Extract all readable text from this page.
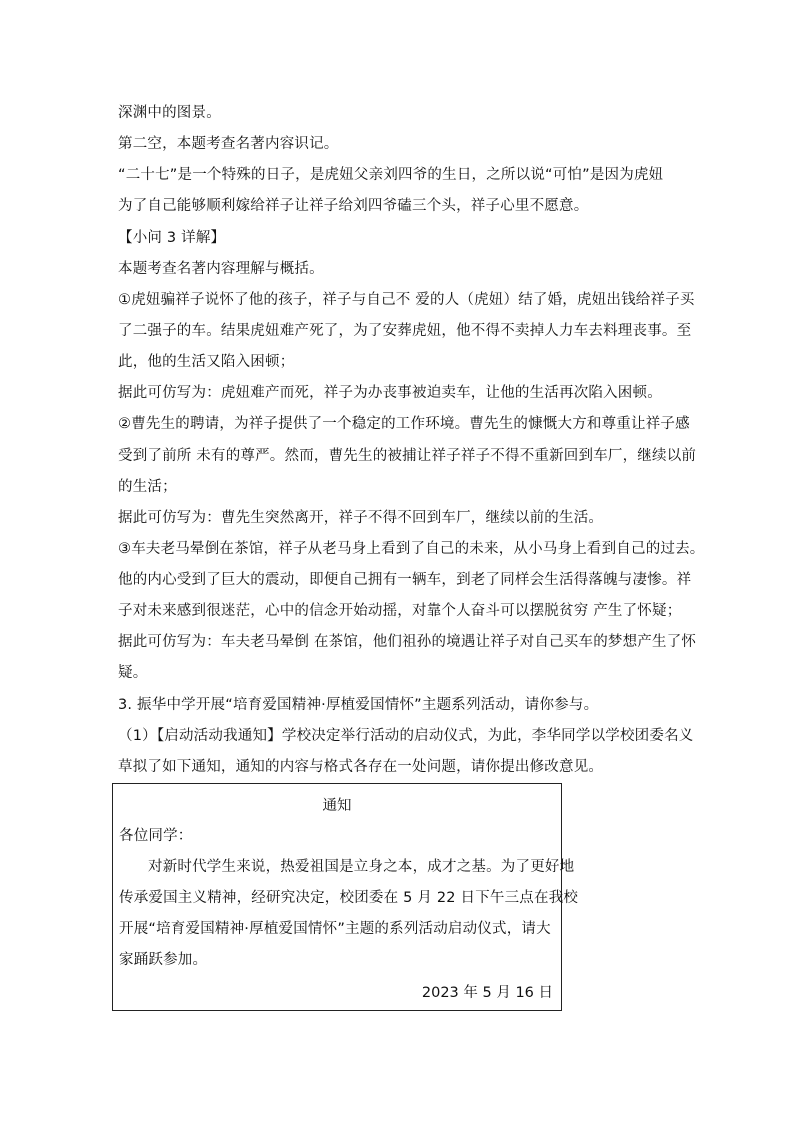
深渊中的图景。
第二空，本题考查名著内容识记。
“二十七”是一个特殊的日子，是虎妞父亲刘四爷的生日，之所以说“可怕”是因为虎妞
为了自己能够顺利嫁给祥子让祥子给刘四爷磕三个头，祥子心里不愿意。
【小问 3 详解】
本题考查名著内容理解与概括。
①虎妞骗祥子说怀了他的孩子，祥子与自己不 爱的人（虎妞）结了婚，虎妞出钱给祥子买
了二强子的车。结果虎妞难产死了，为了安葬虎妞，他不得不卖掉人力车去料理丧事。至
此，他的生活又陷入困顿；
据此可仿写为：虎妞难产而死，祥子为办丧事被迫卖车，让他的生活再次陷入困顿。
②曹先生的聘请，为祥子提供了一个稳定的工作环境。曹先生的慷慨大方和尊重让祥子感
受到了前所 未有的尊严。然而，曹先生的被捕让祥子祥子不得不重新回到车厂，继续以前
的生活；
据此可仿写为：曹先生突然离开，祥子不得不回到车厂，继续以前的生活。
③车夫老马晕倒在茶馆，祥子从老马身上看到了自己的未来，从小马身上看到自己的过去。
他的内心受到了巨大的震动，即便自己拥有一辆车，到老了同样会生活得落魄与凄惨。祥
子对未来感到很迷茫，心中的信念开始动摇，对靠个人奋斗可以摆脱贫穷 产生了怀疑；
据此可仿写为：车夫老马晕倒 在茶馆，他们祖孙的境遇让祥子对自己买车的梦想产生了怀
疑。
3. 振华中学开展“培育爱国精神·厚植爱国情怀”主题系列活动，请你参与。
（1）【启动活动我通知】学校决定举行活动的启动仪式，为此，李华同学以学校团委名义
草拟了如下通知，通知的内容与格式各存在一处问题，请你提出修改意见。
通知
各位同学：
对新时代学生来说，热爱祖国是立身之本，成才之基。为了更好地
传承爱国主义精神，经研究决定，校团委在 5 月 22 日下午三点在我校
开展“培育爱国精神·厚植爱国情怀”主题的系列活动启动仪式，请大
家踊跃参加。
2023 年 5 月 16 日
